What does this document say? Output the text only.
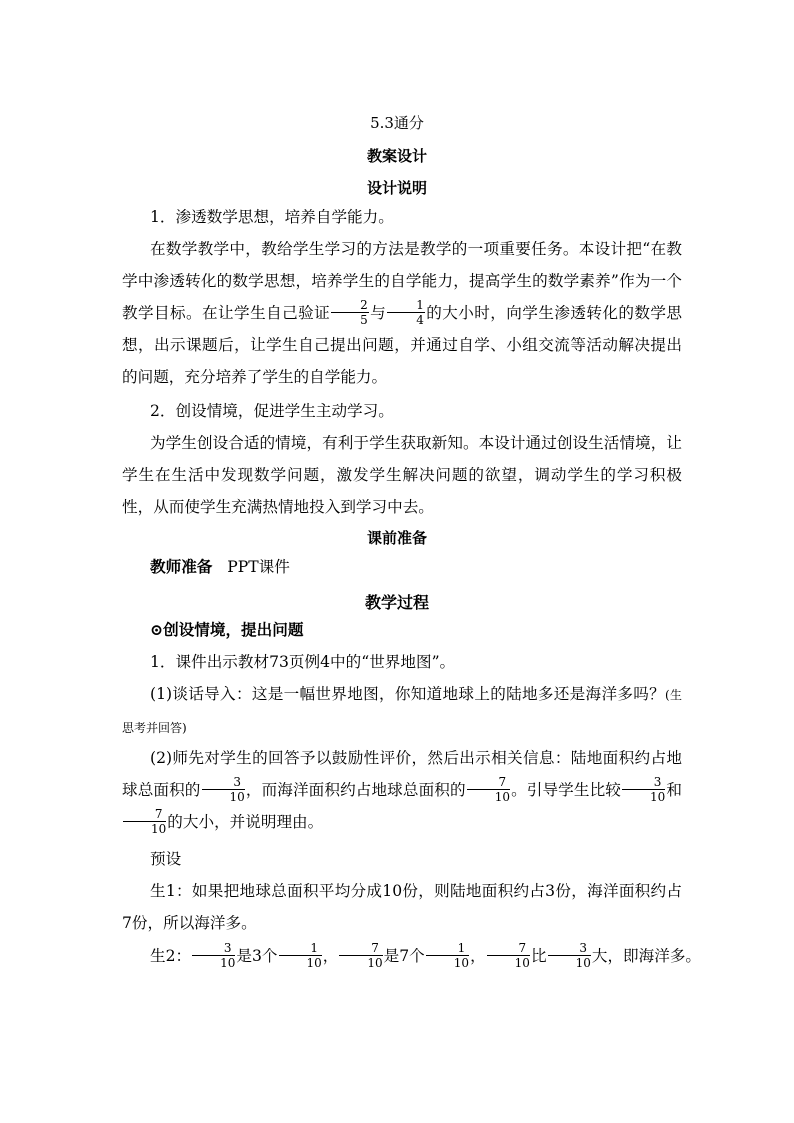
5.3通分
教案设计
设计说明
1．渗透数学思想，培养自学能力。
在数学教学中，教给学生学习的方法是教学的一项重要任务。本设计把“在教学中渗透转化的数学思想，培养学生的自学能力，提高学生的数学素养”作为一个教学目标。在让学生自己验证 $\frac{2}{5}$ 与 $\frac{1}{4}$ 的大小时，向学生渗透转化的数学思想，出示课题后，让学生自己提出问题，并通过自学、小组交流等活动解决提出的问题，充分培养了学生的自学能力。
2．创设情境，促进学生主动学习。
为学生创设合适的情境，有利于学生获取新知。本设计通过创设生活情境，让学生在生活中发现数学问题，激发学生解决问题的欲望，调动学生的学习积极性，从而使学生充满热情地投入到学习中去。
课前准备
教师准备 PPT课件
教学过程
⊙创设情境，提出问题
1．课件出示教材73页例4中的“世界地图”。
(1)谈话导入：这是一幅世界地图，你知道地球上的陆地多还是海洋多吗？(生思考并回答)
(2)师先对学生的回答予以鼓励性评价，然后出示相关信息：陆地面积约占地球总面积的 $\frac{3}{10}$ ，而海洋面积约占地球总面积的 $\frac{7}{10}$ 。引导学生比较 $\frac{3}{10}$ 和
$\frac{7}{10}$ 的大小，并说明理由。
预设
生1：如果把地球总面积平均分成10份，则陆地面积约占3份，海洋面积约占7份，所以海洋多。
生2： $\frac{3}{10}$ 是3个 $\frac{1}{10}$ ， $\frac{7}{10}$ 是7个 $\frac{1}{10}$ ， $\frac{7}{10}$ 比 $\frac{3}{10}$ 大，即海洋多。
